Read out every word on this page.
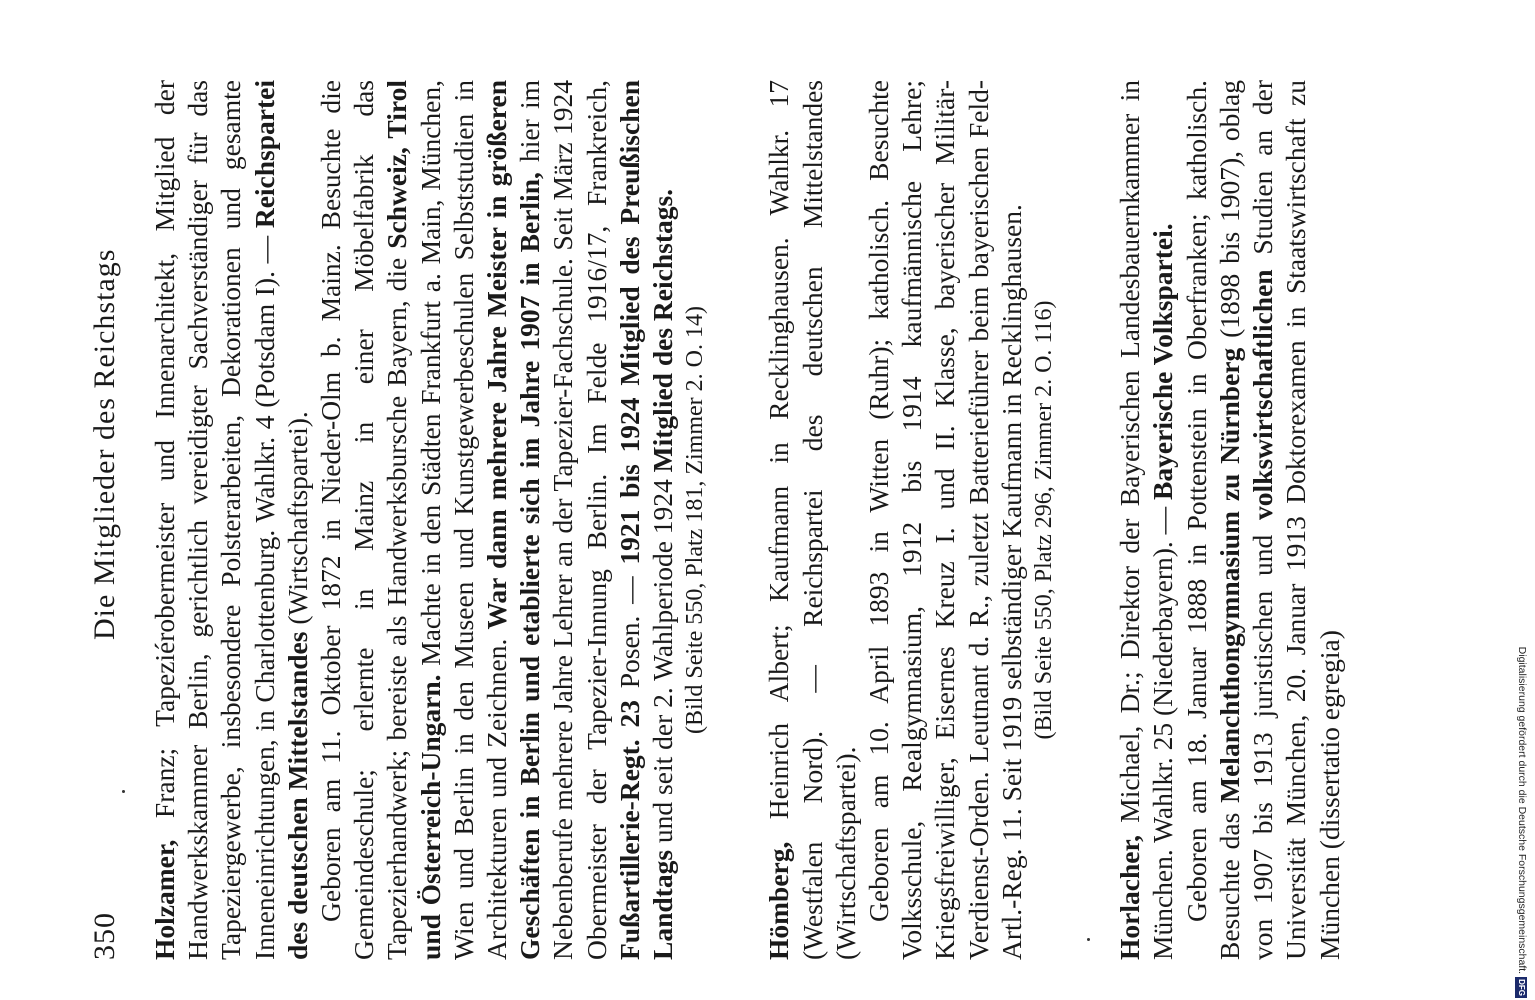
350
Die Mitglieder des Reichstags

Holzamer, Franz; Tapeziérobermeister und Innenarchitekt, Mitglied der Handwerkskammer Berlin, gerichtlich vereidigter Sachverständiger für das Tapeziergewerbe, insbesondere Polsterarbeiten, Dekorationen und gesamte Inneneinrichtungen, in Charlottenburg. Wahlkr. 4 (Potsdam I). — Reichspartei des deutschen Mittelstandes (Wirtschaftspartei). Geboren am 11. Oktober 1872 in Nieder-Olm b. Mainz. Besuchte die Gemeindeschule; erlernte in Mainz in einer Möbelfabrik das Tapezierhandwerk; bereiste als Handwerksbursche Bayern, die Schweiz, Tirol und Österreich-Ungarn. Machte in den Städten Frankfurt a. Main, München, Wien und Berlin in den Museen und Kunstgewerbeschulen Selbststudien in Architekturen und Zeichnen. War dann mehrere Jahre Meister in größeren Geschäften in Berlin und etablierte sich im Jahre 1907 in Berlin, hier im Nebenberufe mehrere Jahre Lehrer an der Tapezier-Fachschule. Seit März 1924 Obermeister der Tapezier-Innung Berlin. Im Felde 1916/17, Frankreich, Fußartillerie-Regt. 23 Posen. — 1921 bis 1924 Mitglied des Preußischen Landtags und seit der 2. Wahlperiode 1924 Mitglied des Reichstags. (Bild Seite 550, Platz 181, Zimmer 2. O. 14)

Hömberg, Heinrich Albert; Kaufmann in Recklinghausen. Wahlkr. 17 (Westfalen Nord). — Reichspartei des deutschen Mittelstandes (Wirtschaftspartei). Geboren am 10. April 1893 in Witten (Ruhr); katholisch. Besuchte Volksschule, Realgymnasium, 1912 bis 1914 kaufmännische Lehre; Kriegsfreiwilliger, Eisernes Kreuz I. und II. Klasse, bayerischer Militär-Verdienst-Orden. Leutnant d. R., zuletzt Batterieführer beim bayerischen Feld-Artl.-Reg. 11. Seit 1919 selbständiger Kaufmann in Recklinghausen. (Bild Seite 550, Platz 296, Zimmer 2. O. 116)

Horlacher, Michael, Dr.; Direktor der Bayerischen Landesbauernkammer in München. Wahlkr. 25 (Niederbayern). — Bayerische Volkspartei. Geboren am 18. Januar 1888 in Pottenstein in Oberfranken; katholisch. Besuchte das Melanchthongymnasium zu Nürnberg (1898 bis 1907), oblag von 1907 bis 1913 juristischen und volkswirtschaftlichen Studien an der Universität München, 20. Januar 1913 Doktorexamen in Staatswirtschaft zu München (dissertatio egregia)	Digitalisierung gefördert durch die Deutsche Forschungsgemeinschaft.DFG
